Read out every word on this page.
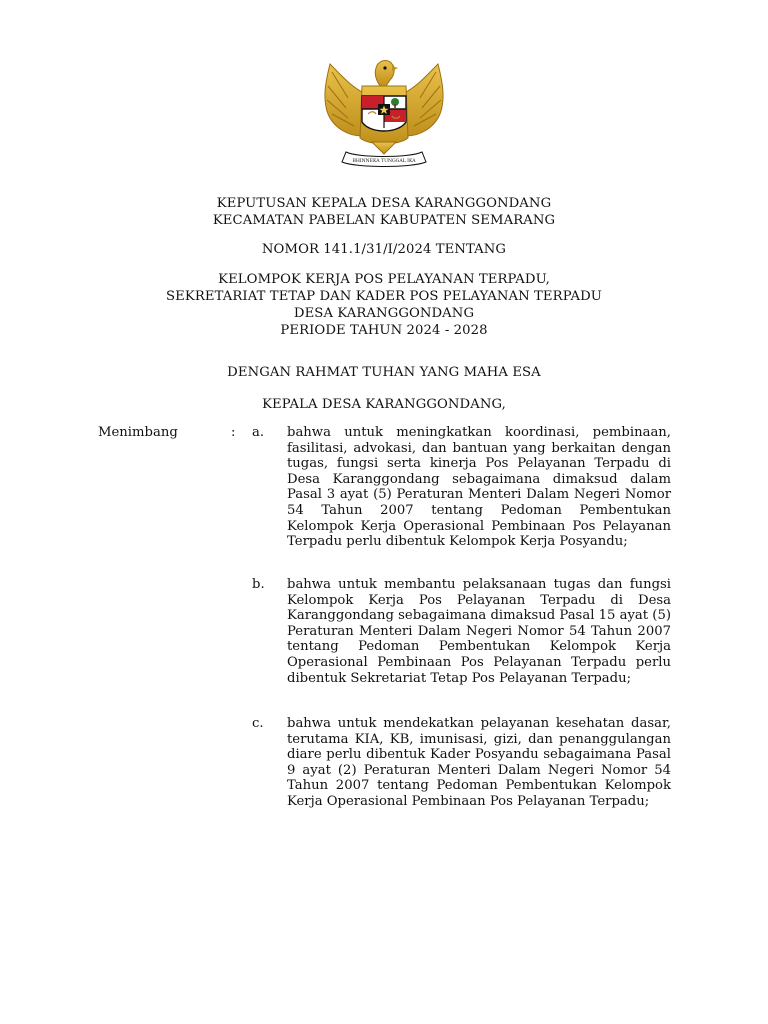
BHINNEKA TUNGGAL IKA
KEPUTUSAN KEPALA DESA KARANGGONDANG
KECAMATAN PABELAN KABUPATEN SEMARANG
NOMOR 141.1/31/I/2024 TENTANG
KELOMPOK KERJA POS PELAYANAN TERPADU,
SEKRETARIAT TETAP DAN KADER POS PELAYANAN TERPADU
DESA KARANGGONDANG
PERIODE TAHUN 2024 - 2028
DENGAN RAHMAT TUHAN YANG MAHA ESA
KEPALA DESA KARANGGONDANG,
Menimbang	: a. bahwa untuk meningkatkan koordinasi, pembinaan, fasilitasi, advokasi, dan bantuan yang berkaitan dengan tugas, fungsi serta kinerja Pos Pelayanan Terpadu di Desa Karanggondang sebagaimana dimaksud dalam Pasal 3 ayat (5) Peraturan Menteri Dalam Negeri Nomor 54 Tahun 2007 tentang Pedoman Pembentukan Kelompok Kerja Operasional Pembinaan Pos Pelayanan Terpadu perlu dibentuk Kelompok Kerja Posyandu;
b. bahwa untuk membantu pelaksanaan tugas dan fungsi Kelompok Kerja Pos Pelayanan Terpadu di Desa Karanggondang sebagaimana dimaksud Pasal 15 ayat (5) Peraturan Menteri Dalam Negeri Nomor 54 Tahun 2007 tentang Pedoman Pembentukan Kelompok Kerja Operasional Pembinaan Pos Pelayanan Terpadu perlu dibentuk Sekretariat Tetap Pos Pelayanan Terpadu;
c. bahwa untuk mendekatkan pelayanan kesehatan dasar, terutama KIA, KB, imunisasi, gizi, dan penanggulangan diare perlu dibentuk Kader Posyandu sebagaimana Pasal 9 ayat (2) Peraturan Menteri Dalam Negeri Nomor 54 Tahun 2007 tentang Pedoman Pembentukan Kelompok Kerja Operasional Pembinaan Pos Pelayanan Terpadu;
